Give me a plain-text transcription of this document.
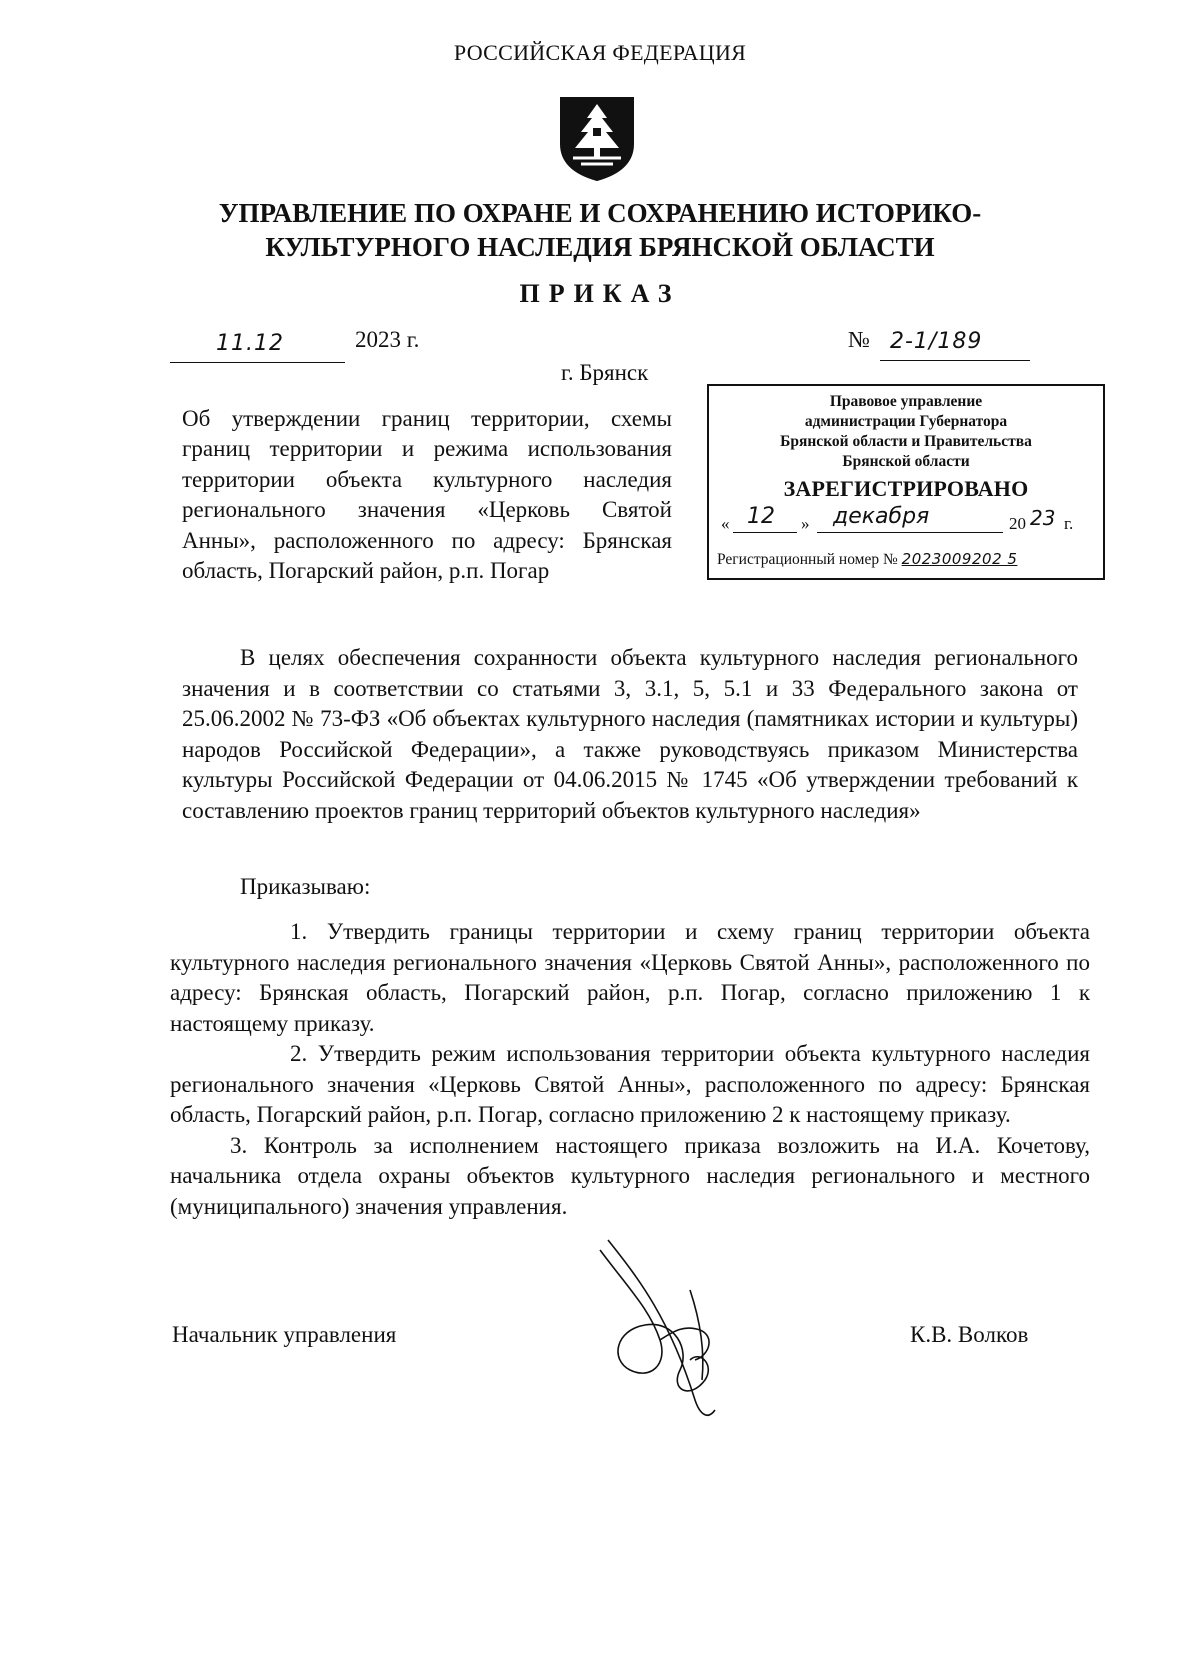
РОССИЙСКАЯ ФЕДЕРАЦИЯ
УПРАВЛЕНИЕ ПО ОХРАНЕ И СОХРАНЕНИЮ ИСТОРИКО-
КУЛЬТУРНОГО НАСЛЕДИЯ БРЯНСКОЙ ОБЛАСТИ
ПРИКАЗ
11.12	2023 г.	№ 2-1/189
г. Брянск
Об утверждении границ территории, схемы границ территории и режима использования территории объекта культурного наследия регионального значения «Церковь Святой Анны», расположенного по адресу: Брянская область, Погарский район, р.п. Погар
Правовое управление
администрации Губернатора
Брянской области и Правительства
Брянской области
ЗАРЕГИСТРИРОВАНО
« 12 » декабря	20 23 г.
Регистрационный номер № 2023009202 5
В целях обеспечения сохранности объекта культурного наследия регионального значения и в соответствии со статьями 3, 3.1, 5, 5.1 и 33 Федерального закона от 25.06.2002 № 73-ФЗ «Об объектах культурного наследия (памятниках истории и культуры) народов Российской Федерации», а также руководствуясь приказом Министерства культуры Российской Федерации от 04.06.2015 № 1745 «Об утверждении требований к составлению проектов границ территорий объектов культурного наследия»
Приказываю:

1. Утвердить границы территории и схему границ территории объекта культурного наследия регионального значения «Церковь Святой Анны», расположенного по адресу: Брянская область, Погарский район, р.п. Погар, согласно приложению 1 к настоящему приказу.

2. Утвердить режим использования территории объекта культурного наследия регионального значения «Церковь Святой Анны», расположенного по адресу: Брянская область, Погарский район, р.п. Погар, согласно приложению 2 к настоящему приказу.

3. Контроль за исполнением настоящего приказа возложить на И.А. Кочетову, начальника отдела охраны объектов культурного наследия регионального и местного (муниципального) значения управления.

Начальник управления	К.В. Волков
